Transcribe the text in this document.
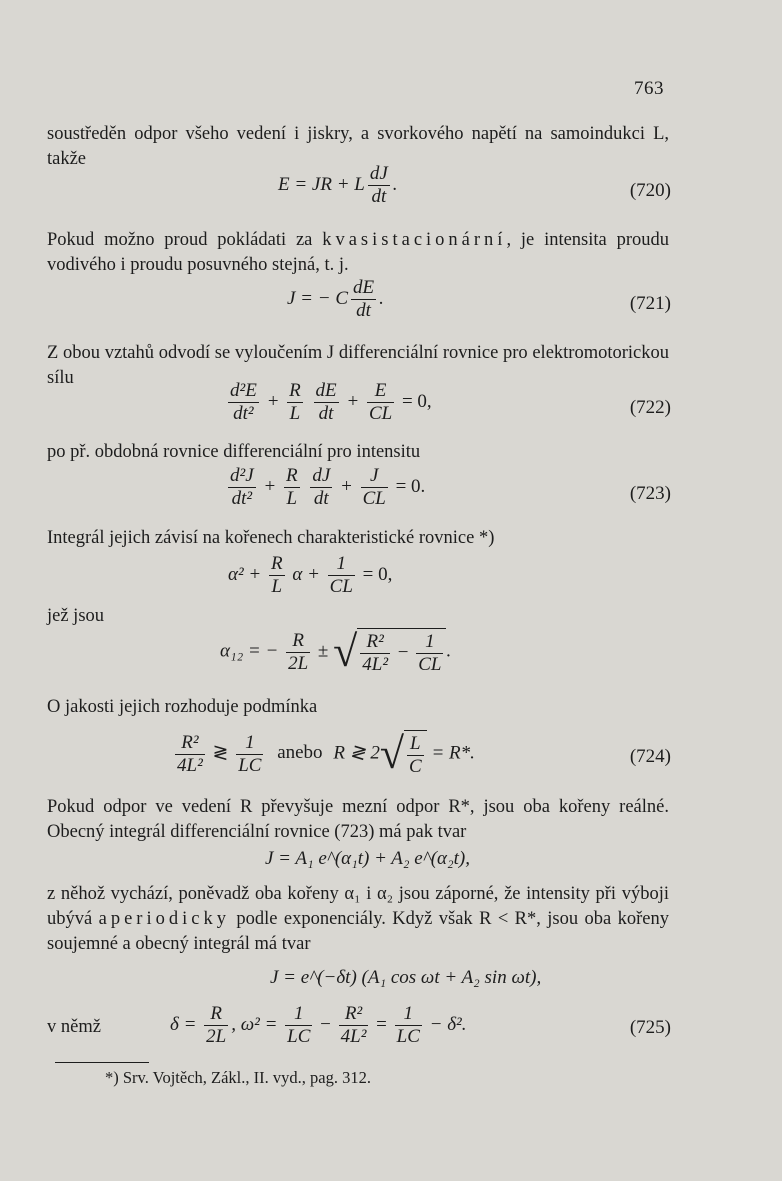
763
soustředěn odpor všeho vedení i jiskry, a svorkového napětí na samoindukci L, takže
E = JR + L $\frac{dJ}{dt}$ .	(720)
Pokud možno proud pokládati za kvasistacionární, je intensita proudu vodivého i proudu posuvného stejná, t. j.
J = − C $\frac{dE}{dt}$ .	(721)
Z obou vztahů odvodí se vyloučením J differenciální rovnice pro elektromotorickou sílu
$\frac{\text{d²E}}{\text{dt²}} + \frac{R}{L}$
$\frac{dE}{dt} + \frac{E}{CL} = 0$,	(722)
po př. obdobná rovnice differenciální pro intensitu
$\frac{\text{d²J}}{\text{dt²}} + \frac{R}{L}$
$\frac{dJ}{dt} + \frac{J}{CL} = 0$.	(723)
Integrál jejich závisí na kořenech charakteristické rovnice *)
$\alpha^2 + \frac{R}{L}$ $\alpha + \frac{1}{CL} = 0$,
jež jsou
α₁₂ = − $\frac{R}{2L}$ ± √ $\frac{\text{R²}}{\text{4L²}} - \frac{1}{CL}$ .
O jakosti jejich rozhoduje podmínka
$\frac{\text{R²}}{\text{4L²}}$ ≷ $\frac{1}{LC}$ anebo R ≷ $2√ \frac{L}{C} = R*$.	(724)
Pokud odpor ve vedení R převyšuje mezní odpor R*, jsou oba kořeny reálné. Obecný integrál differenciální rovnice (723) má pak tvar
J = A₁ e^(α₁t) + A₂ e^(α₂t),
z něhož vychází, poněvadž oba kořeny α₁ i α₂ jsou záporné, že intensity při výboji ubývá aperiodicky podle exponenciály. Když však R < R*, jsou oba kořeny soujemné a obecný integrál má tvar
J = e^(−δt) (A₁ cos ωt + A₂ sin ωt),
v němž	$\delta = \frac{R}{2L}$ , $\omega^2 = \frac{1}{LC} - \frac{\text{R²}}{\text{4L²}} = \frac{1}{LC} - \delta^2$.	(725)
*) Srv. Vojtěch, Zákl., II. vyd., pag. 312.
